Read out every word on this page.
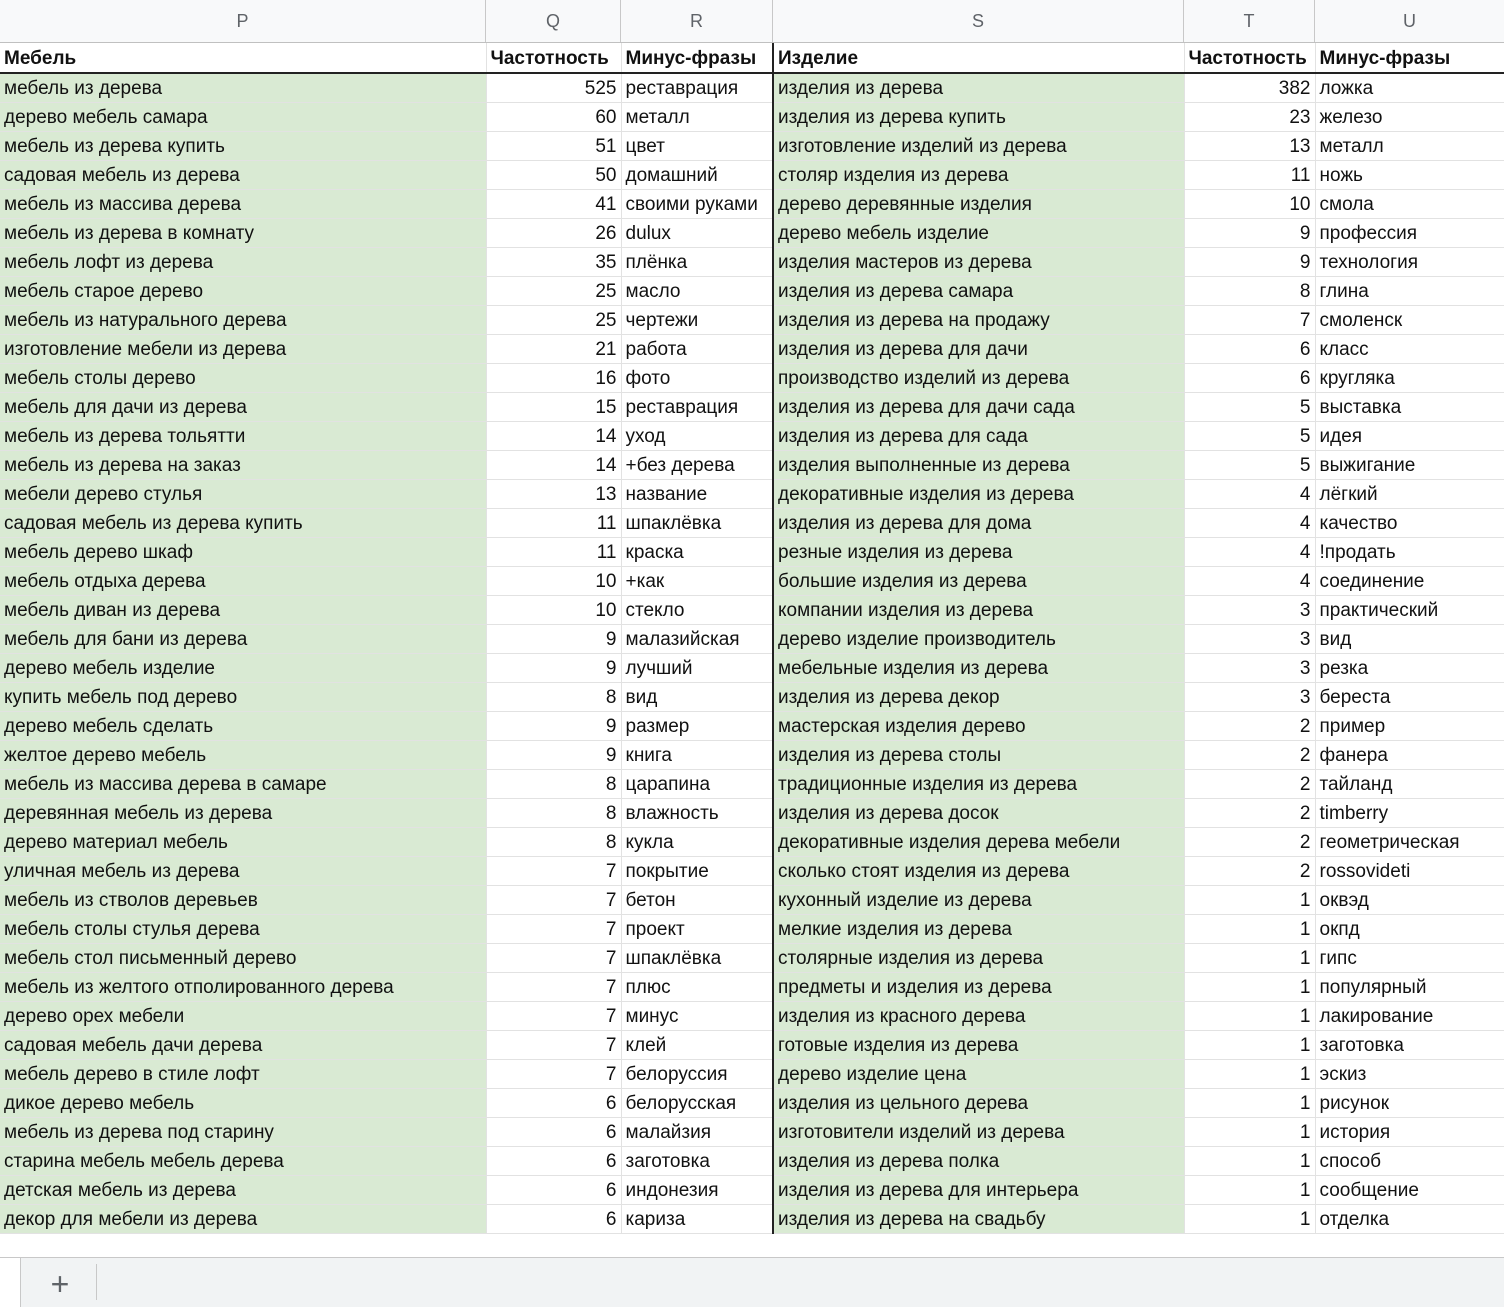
P	Q	R	S	T	U
Мебель	Частотность	Минус-фразы	Изделие	Частотность	Минус-фразы
мебель из дерева	525	реставрация	изделия из дерева	382	ложка
дерево мебель самара	60	металл	изделия из дерева купить	23	железо
мебель из дерева купить	51	цвет	изготовление изделий из дерева	13	металл
садовая мебель из дерева	50	домашний	столяр изделия из дерева	11	ножь
мебель из массива дерева	41	своими руками	дерево деревянные изделия	10	смола
мебель из дерева в комнату	26	dulux	дерево мебель изделие	9	профессия
мебель лофт из дерева	35	плёнка	изделия мастеров из дерева	9	технология
мебель старое дерево	25	масло	изделия из дерева самара	8	глина
мебель из натурального дерева	25	чертежи	изделия из дерева на продажу	7	смоленск
изготовление мебели из дерева	21	работа	изделия из дерева для дачи	6	класс
мебель столы дерево	16	фото	производство изделий из дерева	6	кругляка
мебель для дачи из дерева	15	реставрация	изделия из дерева для дачи сада	5	выставка
мебель из дерева тольятти	14	уход	изделия из дерева для сада	5	идея
мебель из дерева на заказ	14	+без дерева	изделия выполненные из дерева	5	выжигание
мебели дерево стулья	13	название	декоративные изделия из дерева	4	лёгкий
садовая мебель из дерева купить	11	шпаклёвка	изделия из дерева для дома	4	качество
мебель дерево шкаф	11	краска	резные изделия из дерева	4	!продать
мебель отдыха дерева	10	+как	большие изделия из дерева	4	соединение
мебель диван из дерева	10	стекло	компании изделия из дерева	3	практический
мебель для бани из дерева	9	малазийская	дерево изделие производитель	3	вид
дерево мебель изделие	9	лучший	мебельные изделия из дерева	3	резка
купить мебель под дерево	8	вид	изделия из дерева декор	3	береста
дерево мебель сделать	9	размер	мастерская изделия дерево	2	пример
желтое дерево мебель	9	книга	изделия из дерева столы	2	фанера
мебель из массива дерева в самаре	8	царапина	традиционные изделия из дерева	2	тайланд
деревянная мебель из дерева	8	влажность	изделия из дерева досок	2	timberry
дерево материал мебель	8	кукла	декоративные изделия дерева мебели	2	геометрическая
уличная мебель из дерева	7	покрытие	сколько стоят изделия из дерева	2	rossovideti
мебель из стволов деревьев	7	бетон	кухонный изделие из дерева	1	оквэд
мебель столы стулья дерева	7	проект	мелкие изделия из дерева	1	окпд
мебель стол письменный дерево	7	шпаклёвка	столярные изделия из дерева	1	гипс
мебель из желтого отполированного дерева	7	плюс	предметы и изделия из дерева	1	популярный
дерево орех мебели	7	минус	изделия из красного дерева	1	лакирование
садовая мебель дачи дерева	7	клей	готовые изделия из дерева	1	заготовка
мебель дерево в стиле лофт	7	белоруссия	дерево изделие цена	1	эскиз
дикое дерево мебель	6	белорусская	изделия из цельного дерева	1	рисунок
мебель из дерева под старину	6	малайзия	изготовители изделий из дерева	1	история
старина мебель мебель дерева	6	заготовка	изделия из дерева полка	1	способ
детская мебель из дерева	6	индонезия	изделия из дерева для интерьера	1	сообщение
декор для мебели из дерева	6	кариза	изделия из дерева на свадьбу	1	отделка
+
